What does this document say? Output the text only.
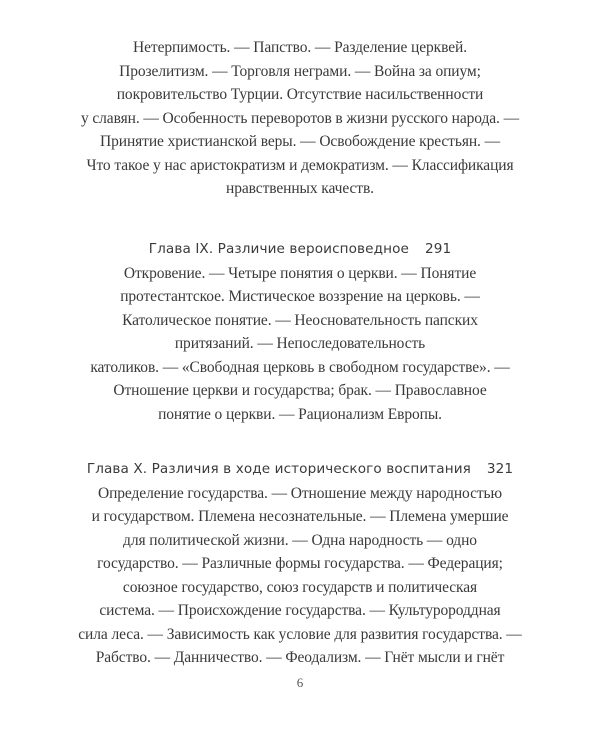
Нетерпимость. — Папство. — Разделение церквей.
Прозелитизм. — Торговля неграми. — Война за опиум;
покровительство Турции. Отсутствие насильственности
у славян. — Особенность переворотов в жизни русского народа. —
Принятие христианской веры. — Освобождение крестьян. —
Что такое у нас аристократизм и демократизм. — Классификация
нравственных качеств.
Глава IX. Различие вероисповедное 291
Откровение. — Четыре понятия о церкви. — Понятие
протестантское. Мистическое воззрение на церковь. —
Католическое понятие. — Неосновательность папских
притязаний. — Непоследовательность
католиков. — «Свободная церковь в свободном государстве». —
Отношение церкви и государства; брак. — Православное
понятие о церкви. — Рационализм Европы.
Глава X. Различия в ходе исторического воспитания 321
Определение государства. — Отношение между народностью
и государством. Племена несознательные. — Племена умершие
для политической жизни. — Одна народность — одно
государство. — Различные формы государства. — Федерация;
союзное государство, союз государств и политическая
система. — Происхождение государства. — Культуророддная
сила леса. — Зависимость как условие для развития государства. —
Рабство. — Данничество. — Феодализм. — Гнёт мысли и гнёт
6
